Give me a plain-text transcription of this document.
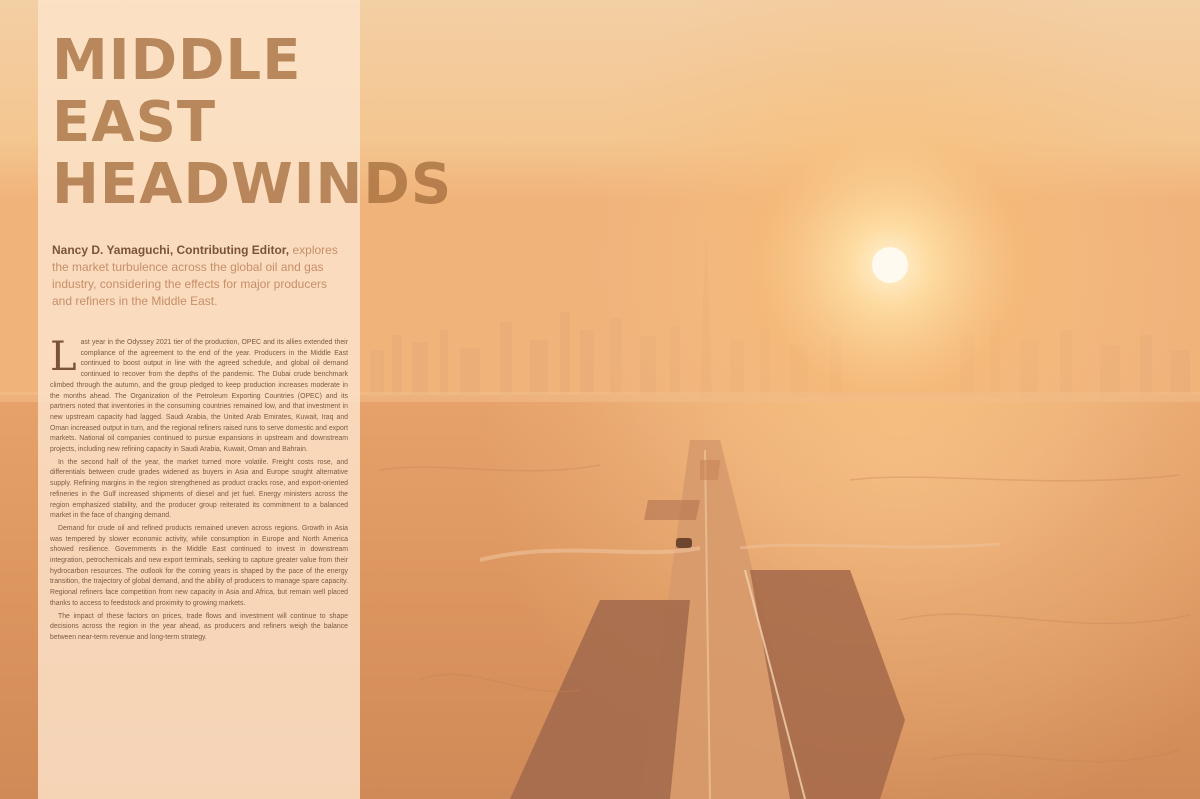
MIDDLE
EAST
HEADWINDS

Nancy D. Yamaguchi, Contributing Editor, explores the market turbulence across the global oil and gas industry, considering the effects for major producers and refiners in the Middle East.

Last year in the Odyssey 2021 tier of the production, OPEC and its allies extended their compliance of the agreement to the end of the year. Producers in the Middle East continued to boost output in line with the agreed schedule, and global oil demand continued to recover from the depths of the pandemic. The Dubai crude benchmark climbed through the autumn, and the group pledged to keep production increases moderate in the months ahead. The Organization of the Petroleum Exporting Countries (OPEC) and its partners noted that inventories in the consuming countries remained low, and that investment in new upstream capacity had lagged. Saudi Arabia, the United Arab Emirates, Kuwait, Iraq and Oman increased output in turn, and the regional refiners raised runs to serve domestic and export markets. National oil companies continued to pursue expansions in upstream and downstream projects, including new refining capacity in Saudi Arabia, Kuwait, Oman and Bahrain.

In the second half of the year, the market turned more volatile. Freight costs rose, and differentials between crude grades widened as buyers in Asia and Europe sought alternative supply. Refining margins in the region strengthened as product cracks rose, and export-oriented refineries in the Gulf increased shipments of diesel and jet fuel. Energy ministers across the region emphasized stability, and the producer group reiterated its commitment to a balanced market in the face of changing demand.

Demand for crude oil and refined products remained uneven across regions. Growth in Asia was tempered by slower economic activity, while consumption in Europe and North America showed resilience. Governments in the Middle East continued to invest in downstream integration, petrochemicals and new export terminals, seeking to capture greater value from their hydrocarbon resources. The outlook for the coming years is shaped by the pace of the energy transition, the trajectory of global demand, and the ability of producers to manage spare capacity. Regional refiners face competition from new capacity in Asia and Africa, but remain well placed thanks to access to feedstock and proximity to growing markets.

The impact of these factors on prices, trade flows and investment will continue to shape decisions across the region in the year ahead, as producers and refiners weigh the balance between near-term revenue and long-term strategy.
